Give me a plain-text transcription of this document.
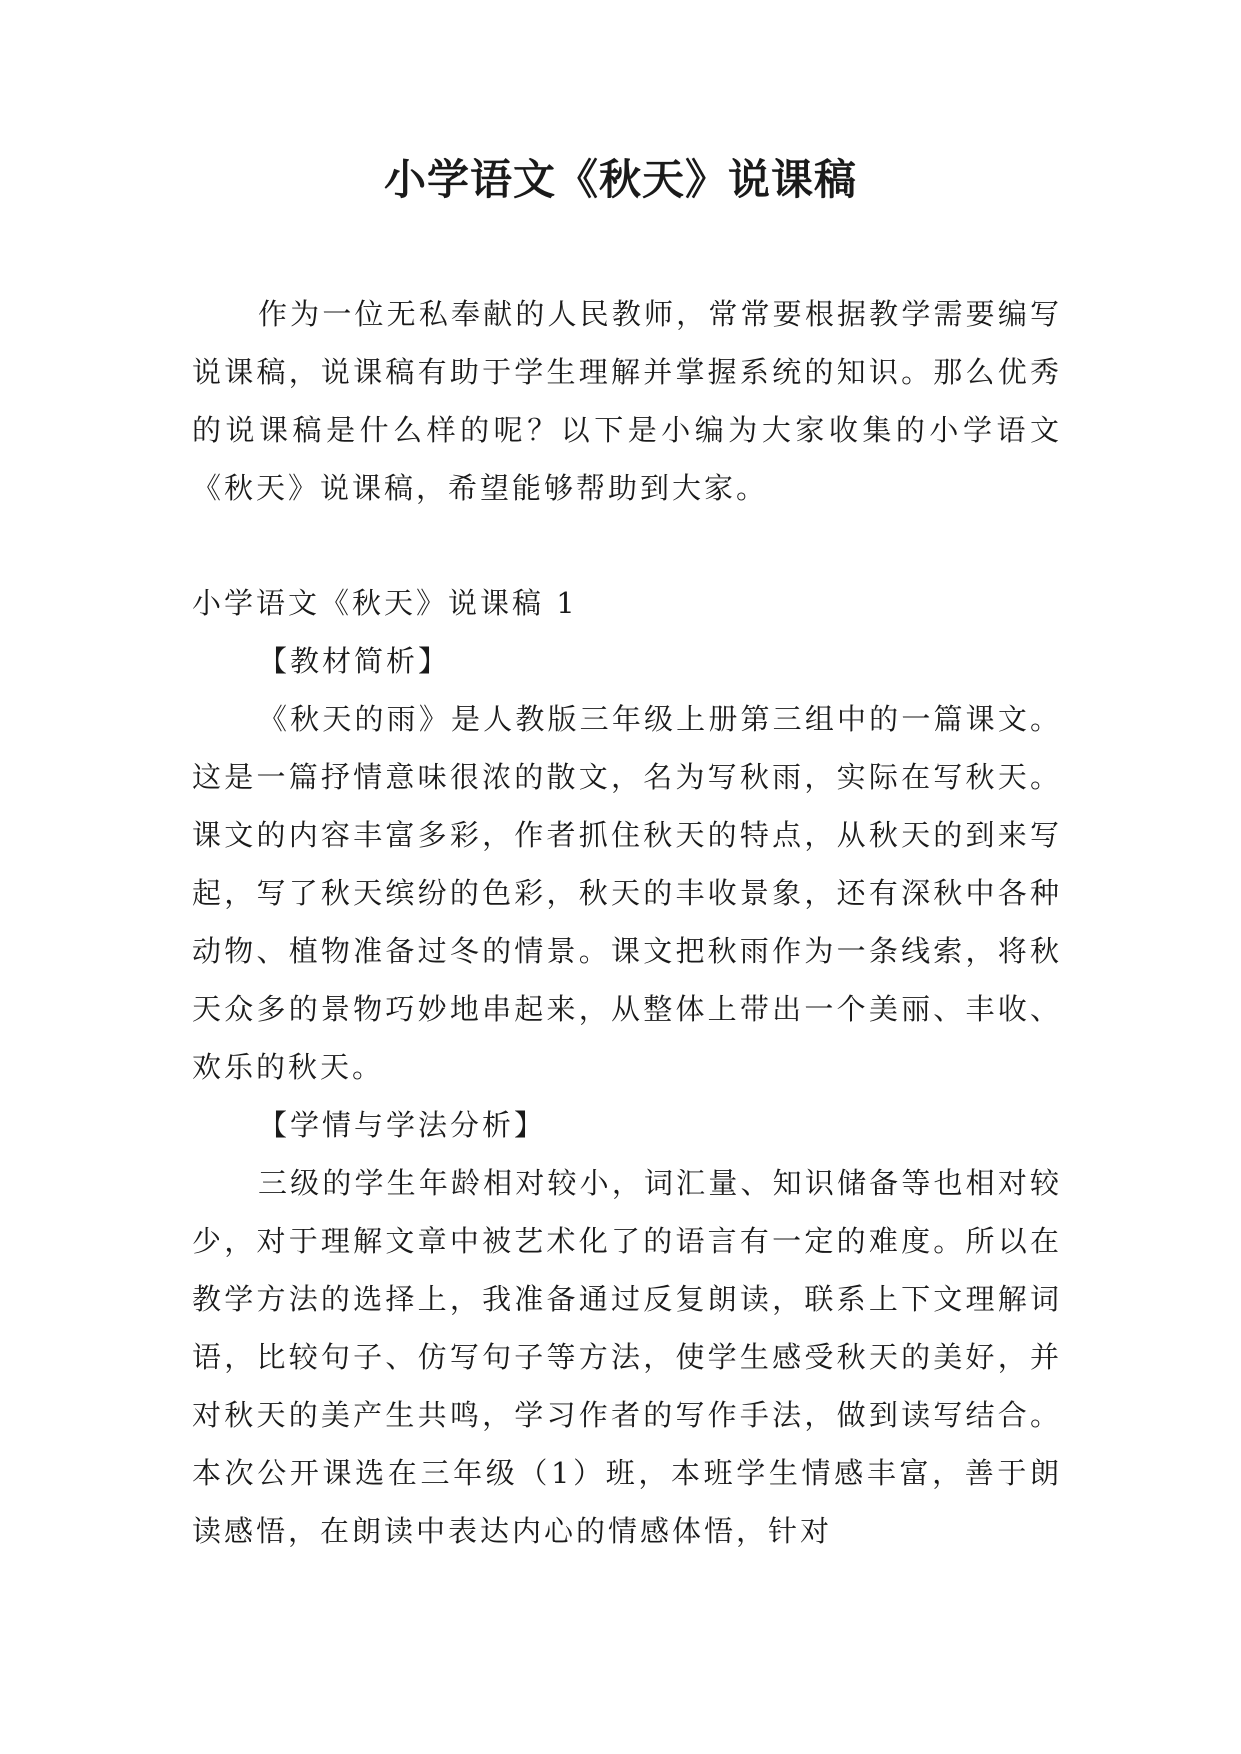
小学语文《秋天》说课稿

作为一位无私奉献的人民教师，常常要根据教学需要编写说课稿，说课稿有助于学生理解并掌握系统的知识。那么优秀的说课稿是什么样的呢？以下是小编为大家收集的小学语文《秋天》说课稿，希望能够帮助到大家。

小学语文《秋天》说课稿 1

【教材简析】

《秋天的雨》是人教版三年级上册第三组中的一篇课文。这是一篇抒情意味很浓的散文，名为写秋雨，实际在写秋天。课文的内容丰富多彩，作者抓住秋天的特点，从秋天的到来写起，写了秋天缤纷的色彩，秋天的丰收景象，还有深秋中各种动物、植物准备过冬的情景。课文把秋雨作为一条线索，将秋天众多的景物巧妙地串起来，从整体上带出一个美丽、丰收、欢乐的秋天。

【学情与学法分析】

三级的学生年龄相对较小，词汇量、知识储备等也相对较少，对于理解文章中被艺术化了的语言有一定的难度。所以在教学方法的选择上，我准备通过反复朗读，联系上下文理解词语，比较句子、仿写句子等方法，使学生感受秋天的美好，并对秋天的美产生共鸣，学习作者的写作手法，做到读写结合。本次公开课选在三年级（1）班，本班学生情感丰富，善于朗读感悟，在朗读中表达内心的情感体悟，针对
